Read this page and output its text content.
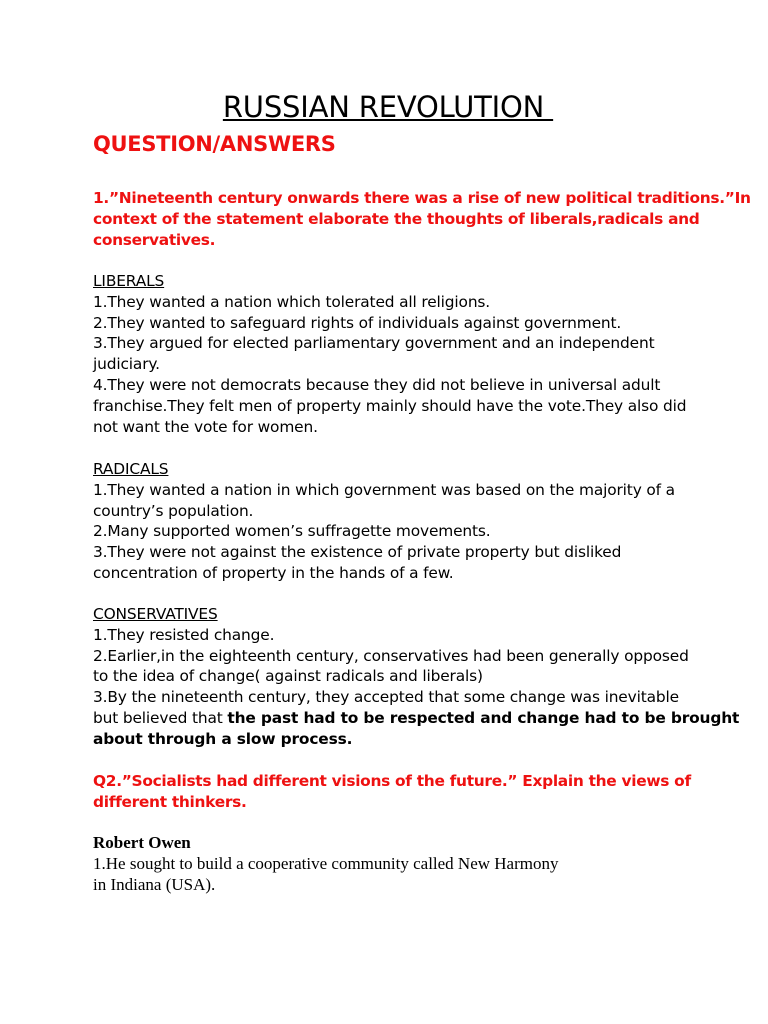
RUSSIAN REVOLUTION
QUESTION/ANSWERS
1.”Nineteenth century onwards there was a rise of new political traditions.”In
context of the statement elaborate the thoughts of liberals,radicals and
conservatives.
LIBERALS
1.They wanted a nation which tolerated all religions.
2.They wanted to safeguard rights of individuals against government.
3.They argued for elected parliamentary government and an independent
judiciary.
4.They were not democrats because they did not believe in universal adult
franchise.They felt men of property mainly should have the vote.They also did
not want the vote for women.
RADICALS
1.They wanted a nation in which government was based on the majority of a
country’s population.
2.Many supported women’s suffragette movements.
3.They were not against the existence of private property but disliked
concentration of property in the hands of a few.
CONSERVATIVES
1.They resisted change.
2.Earlier,in the eighteenth century, conservatives had been generally opposed
to the idea of change( against radicals and liberals)
3.By the nineteenth century, they accepted that some change was inevitable
but believed that the past had to be respected and change had to be brought
about through a slow process.
Q2.”Socialists had different visions of the future.” Explain the views of
different thinkers.
Robert Owen
1.He sought to build a cooperative community called New Harmony
in Indiana (USA).
